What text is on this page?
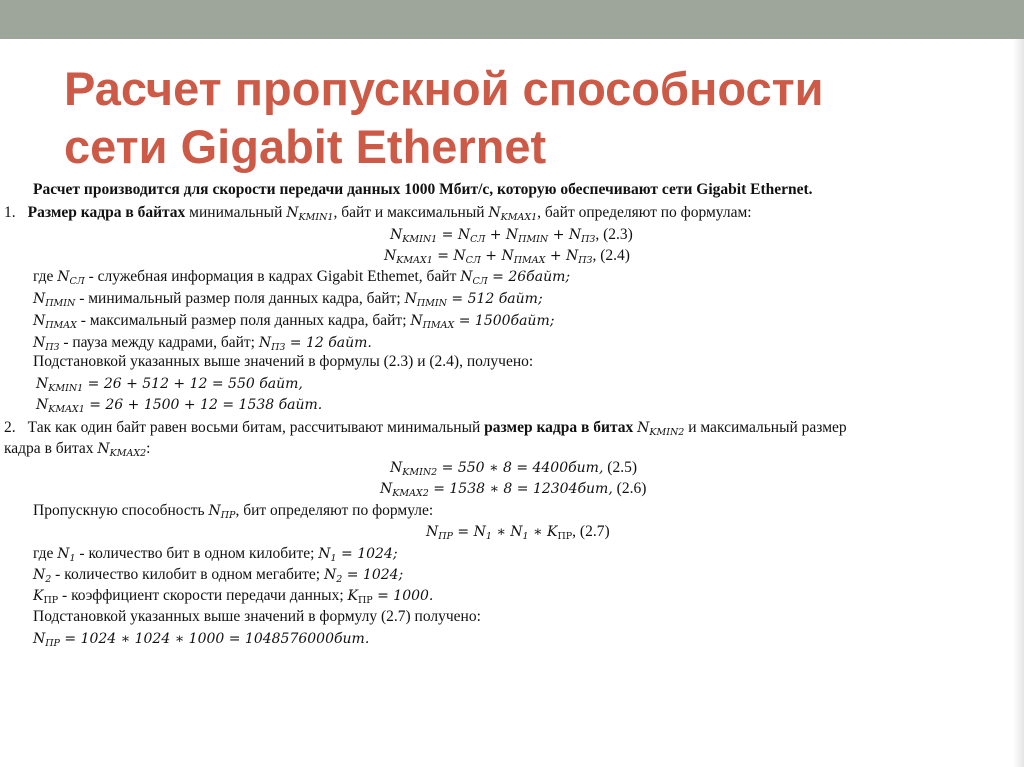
Расчет пропускной способности
сети Gigabit Ethernet
Расчет производится для скорости передачи данных 1000 Мбит/с, которую обеспечивают сети Gigabit Ethernet.
1. Размер кадра в байтах минимальный $N_{KMIN1}$, байт и максимальный $N_{KMAX1}$, байт определяют по формулам:
$N_{KMIN1} = N_{СЛ} + N_{ПMIN} + N_{ПЗ}$, (2.3)
$N_{KMAX1} = N_{СЛ} + N_{ПMAX} + N_{ПЗ}$, (2.4)
где $N_{СЛ}$ - служебная информация в кадрах Gigabit Ethemet, байт $N_{СЛ}$ = 26байт;
$N_{ПMIN}$ - минимальный размер поля данных кадра, байт; $N_{ПMIN} = 512$ байт;
$N_{ПMAX}$ - максимальный размер поля данных кадра, байт; $N_{ПMAX}$ = 1500байт;
$N_{ПЗ}$ - пауза между кадрами, байт; $N_{ПЗ} = 12$ байт.
Подстановкой указанных выше значений в формулы (2.3) и (2.4), получено:
$N_{KMIN1} = 26 + 512 + 12 = 550$ байт,
$N_{KMAX1} = 26 + 1500 + 12 = 1538$ байт.
2. Так как один байт равен восьми битам, рассчитывают минимальный размер кадра в битах $N_{KMIN2}$ и максимальный размер
кадра в битах $N_{KMAX2}$:
$N_{KMIN2} = 550$ ∗ 8 = 4400бит, (2.5)
$N_{KMAX2} = 1538$ ∗ 8 = 12304бит, (2.6)
Пропускную способность $N_{ПР}$, бит определяют по формуле:
$N_{ПР} = N_1$ ∗ $N_1$ ∗ $K_{ПР}$, (2.7)
где $N_1$ - количество бит в одном килобите; $N_1 = 1024$;
$N_2$ - количество килобит в одном мегабите; $N_2 = 1024$;
$K_{ПР}$ - коэффициент скорости передачи данных; $K_{ПР} = 1000$.
Подстановкой указанных выше значений в формулу (2.7) получено:
$N_{ПР} = 1024$ ∗ 1024 ∗ 1000 = 1048576000бит.
